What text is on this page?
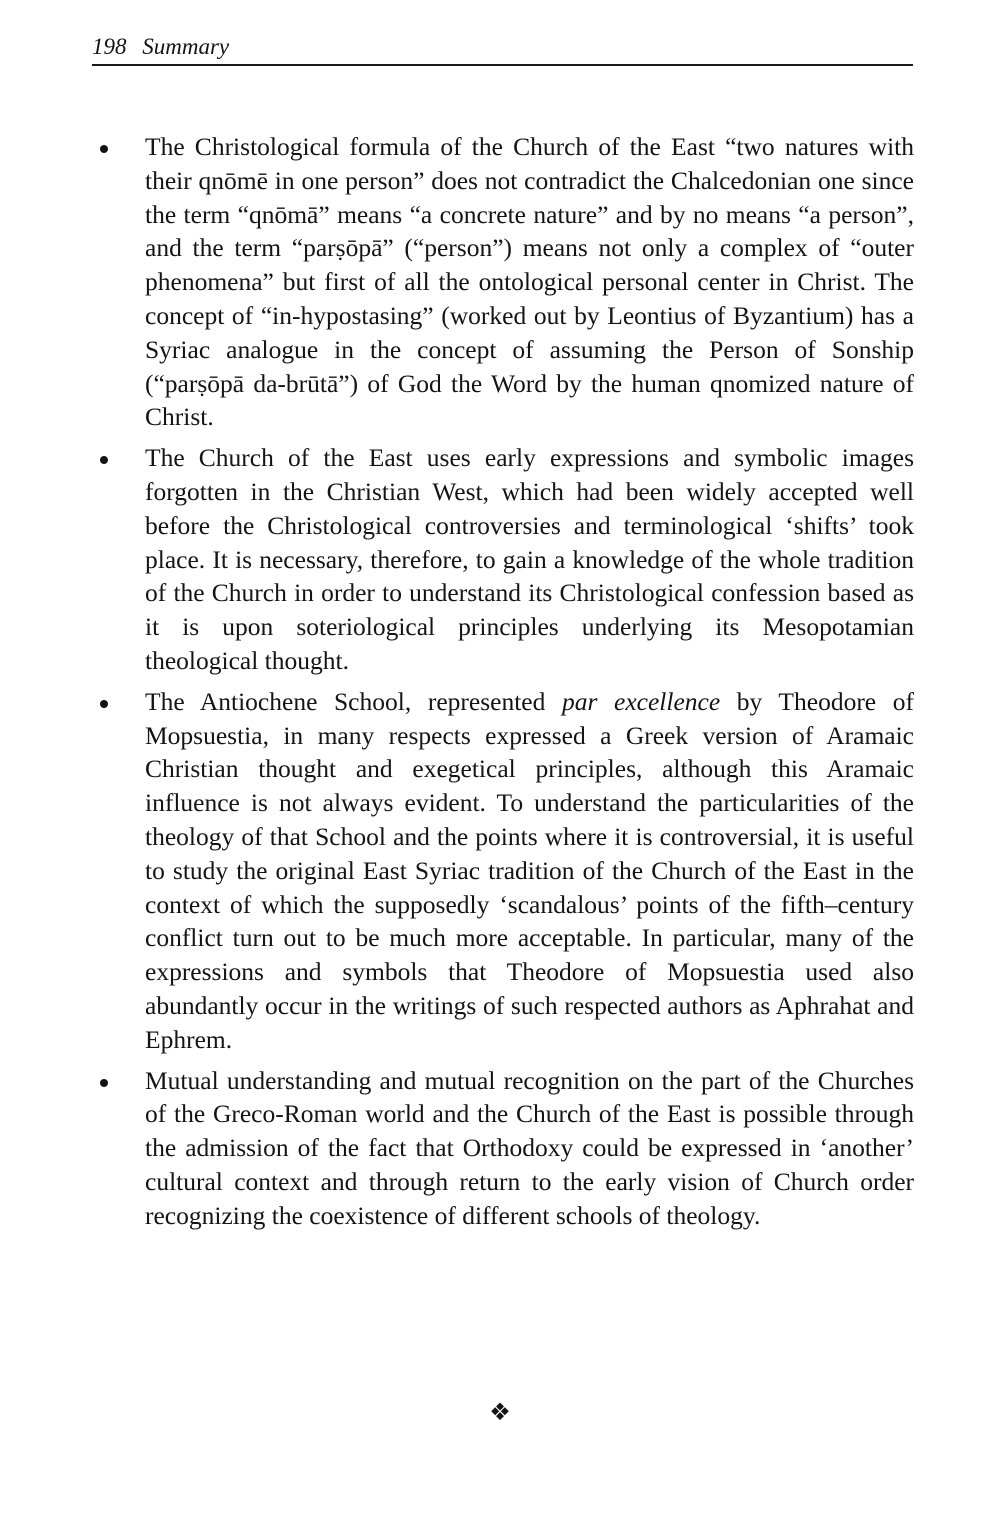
198 Summary
The Christological formula of the Church of the East “two natures with their qnōmē in one person” does not contradict the Chalcedonian one since the term “qnōmā” means “a concrete nature” and by no means “a person”, and the term “parṣōpā” (“person”) means not only a complex of “outer phenomena” but first of all the ontological personal center in Christ. The concept of “in-hypostasing” (worked out by Leontius of Byzantium) has a Syriac analogue in the concept of assuming the Person of Sonship (“parṣōpā da-brūtā”) of God the Word by the human qnomized nature of Christ.
The Church of the East uses early expressions and symbolic images forgotten in the Christian West, which had been widely accepted well before the Christological controversies and terminological ‘shifts’ took place. It is necessary, therefore, to gain a knowledge of the whole tradition of the Church in order to understand its Christological confession based as it is upon soteriological principles underlying its Mesopotamian theological thought.
The Antiochene School, represented par excellence by Theodore of Mopsuestia, in many respects expressed a Greek version of Aramaic Christian thought and exegetical principles, although this Aramaic influence is not always evident. To understand the particularities of the theology of that School and the points where it is controversial, it is useful to study the original East Syriac tradition of the Church of the East in the context of which the supposedly ‘scandalous’ points of the fifth–century conflict turn out to be much more acceptable. In particular, many of the expressions and symbols that Theodore of Mopsuestia used also abundantly occur in the writings of such respected authors as Aphrahat and Ephrem.
Mutual understanding and mutual recognition on the part of the Churches of the Greco-Roman world and the Church of the East is possible through the admission of the fact that Orthodoxy could be expressed in ‘another’ cultural context and through return to the early vision of Church order recognizing the coexistence of different schools of theology.
❖
